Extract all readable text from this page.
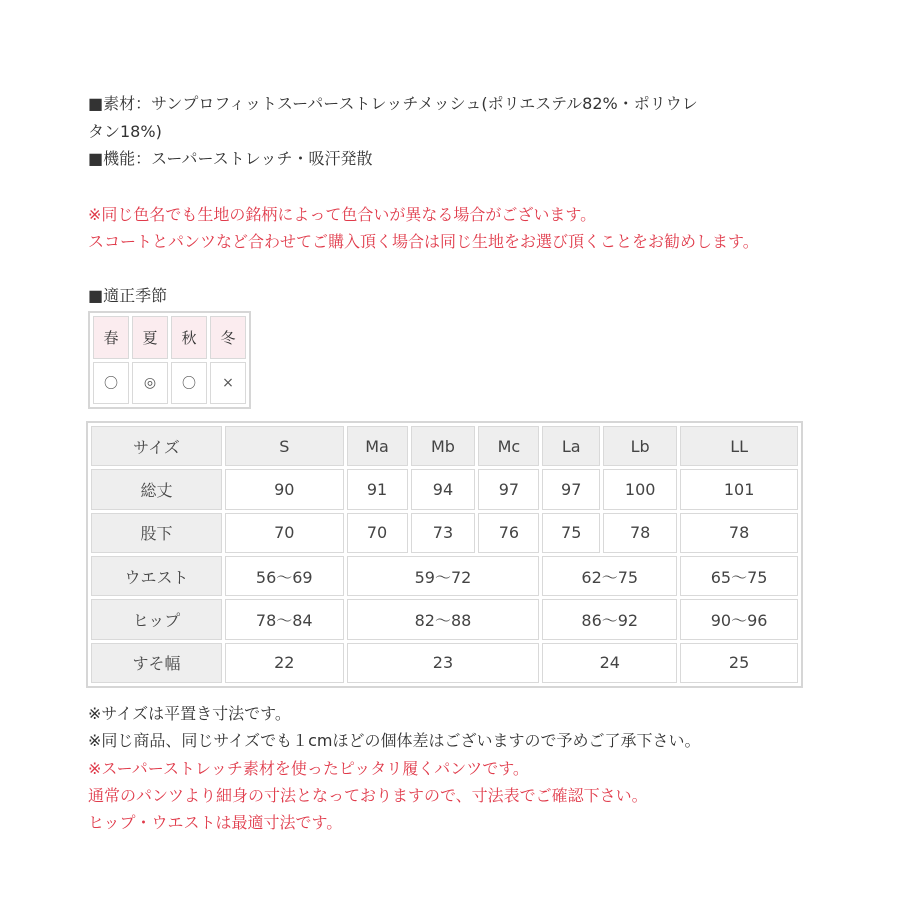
■素材：サンプロフィットスーパーストレッチメッシュ(ポリエステル82%・ポリウレ
タン18%)
■機能：スーパーストレッチ・吸汗発散
※同じ色名でも生地の銘柄によって色合いが異なる場合がございます。
スコートとパンツなど合わせてご購入頂く場合は同じ生地をお選び頂くことをお勧めします。
■適正季節
春	夏	秋	冬
〇	◎	〇	×
サイズ	S	Ma	Mb	Mc	La	Lb	LL
総丈	90	91	94	97	97	100	101
股下	70	70	73	76	75	78	78
ウエスト	56〜69	59〜72			62〜75		65〜75
ヒップ	78〜84	82〜88			86〜92		90〜96
すそ幅	22	23			24		25
※サイズは平置き寸法です。
※同じ商品、同じサイズでも１cmほどの個体差はございますので予めご了承下さい。
※スーパーストレッチ素材を使ったピッタリ履くパンツです。
通常のパンツより細身の寸法となっておりますので、寸法表でご確認下さい。
ヒップ・ウエストは最適寸法です。
